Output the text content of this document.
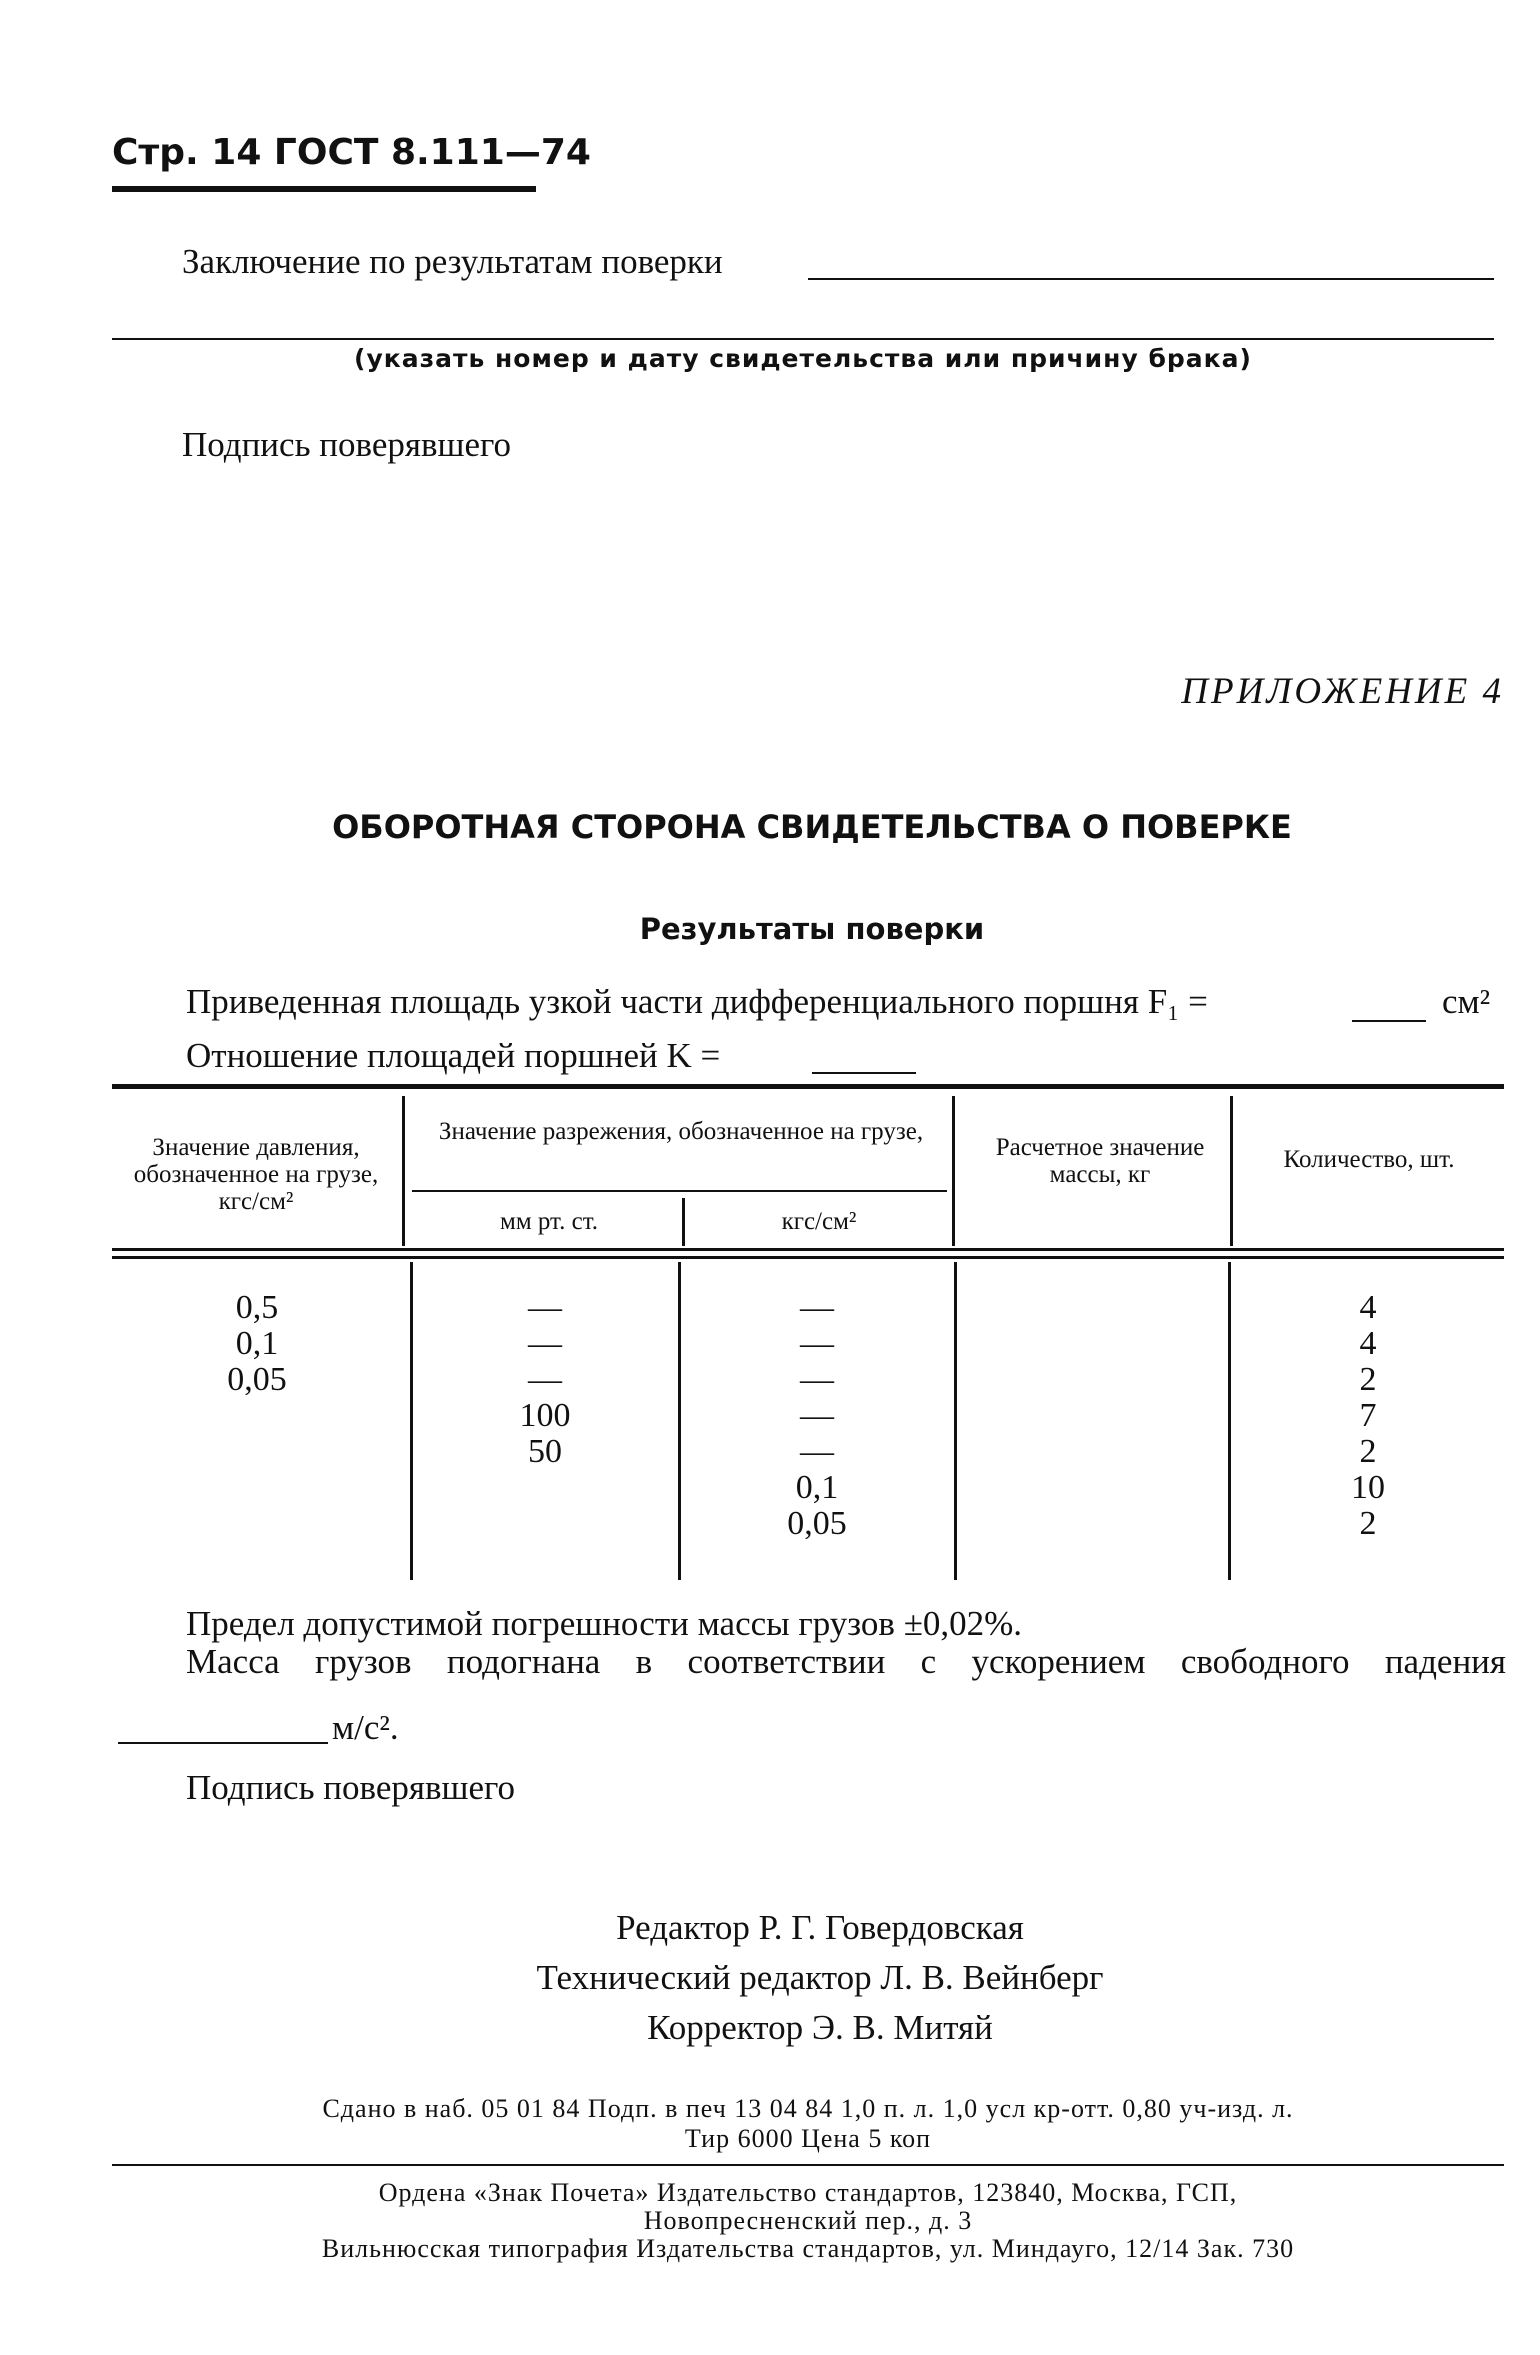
Стр. 14 ГОСТ 8.111—74
Заключение по результатам поверки
(указать номер и дату свидетельства или причину брака)
Подпись поверявшего
ПРИЛОЖЕНИЕ 4
ОБОРОТНАЯ СТОРОНА СВИДЕТЕЛЬСТВА О ПОВЕРКЕ
Результаты поверки
Приведенная площадь узкой части дифференциального поршня F₁ =	см²
Отношение площадей поршней K =
Значение давления, обозначенное на грузе, кгс/см²
Значение разрежения, обозначенное на грузе,
мм рт. ст.	кгс/см²
Расчетное значение массы, кг
Количество, шт.
0,5
0,1
0,05
—
—
—
100
50
—
—
—
—
—
0,1
0,05
4
4
2
7
2
10
2
Предел допустимой погрешности массы грузов ±0,02%.
Масса грузов подогнана в соответствии с ускорением свободного падения
м/с².
Подпись поверявшего
Редактор Р. Г. Говердовская
Технический редактор Л. В. Вейнберг
Корректор Э. В. Митяй
Сдано в наб. 05 01 84 Подп. в печ 13 04 84 1,0 п. л. 1,0 усл кр-отт. 0,80 уч-изд. л.
Тир 6000 Цена 5 коп
Ордена «Знак Почета» Издательство стандартов, 123840, Москва, ГСП,
Новопресненский пер., д. 3
Вильнюсская типография Издательства стандартов, ул. Миндауго, 12/14 Зак. 730
